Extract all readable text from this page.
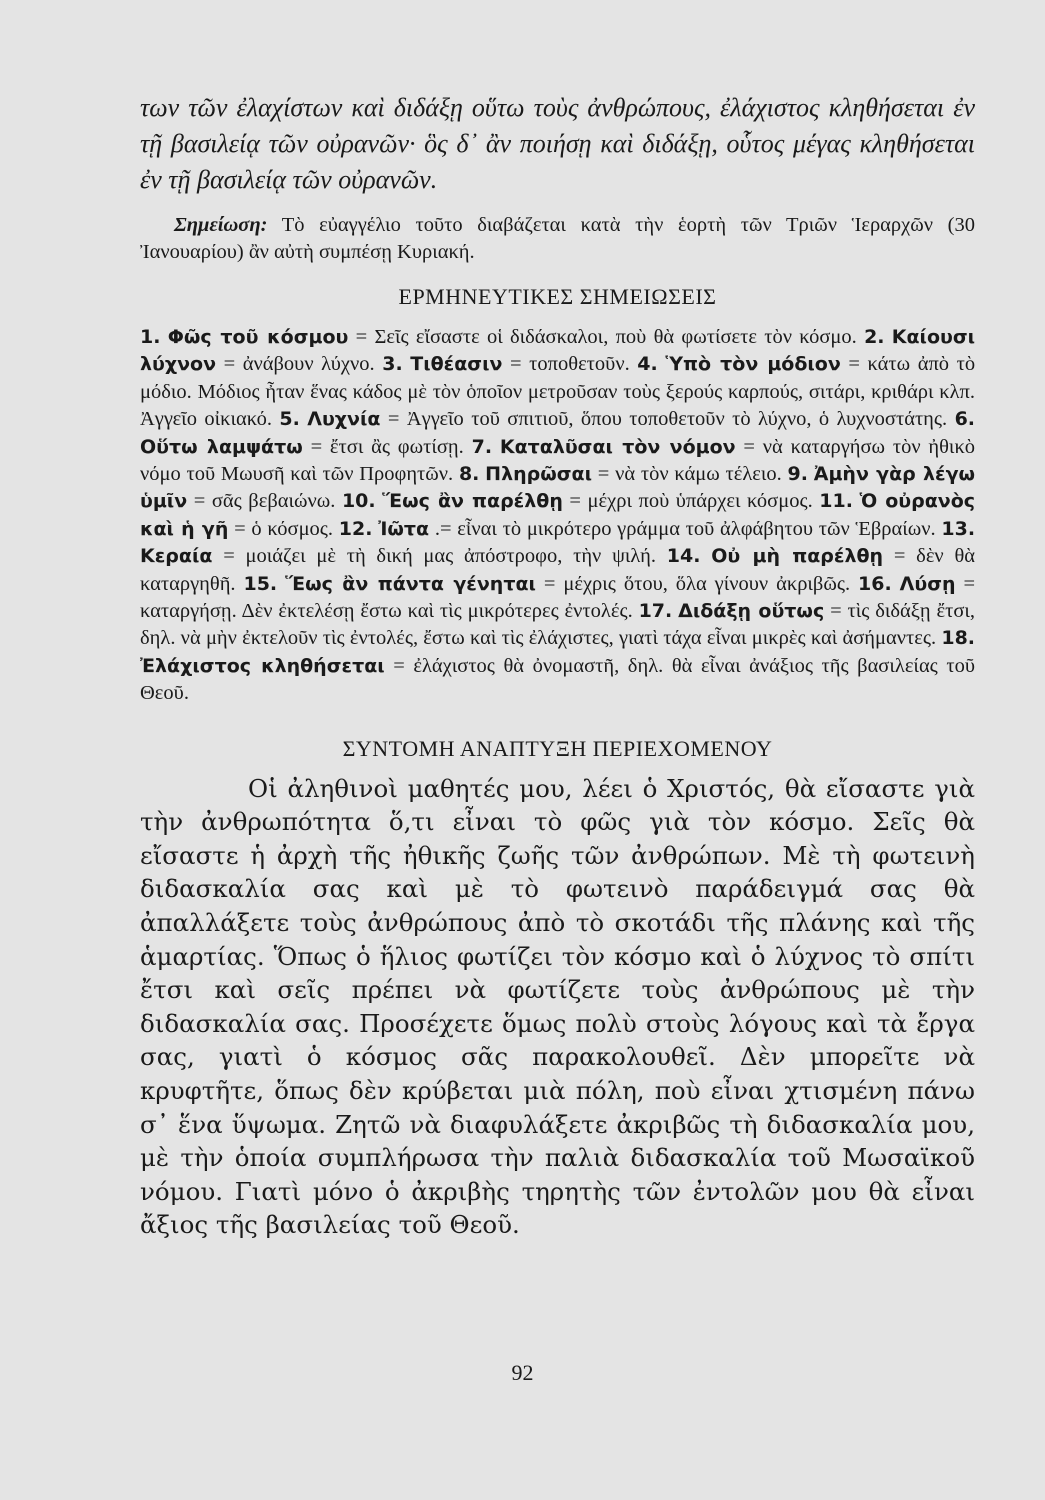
των τῶν ἐλαχίστων καὶ διδάξῃ οὕτω τοὺς ἀνθρώπους, ἐλάχιστος κληθήσεται ἐν τῇ βασιλείᾳ τῶν οὐρανῶν· ὃς δ᾽ ἂν ποιήσῃ καὶ διδάξῃ, οὗτος μέγας κληθήσεται ἐν τῇ βασιλείᾳ τῶν οὐρανῶν.

Σημείωση: Τὸ εὐαγγέλιο τοῦτο διαβάζεται κατὰ τὴν ἑορτὴ τῶν Τριῶν Ἱεραρχῶν (30 Ἰανουαρίου) ἂν αὐτὴ συμπέσῃ Κυριακή.

ΕΡΜΗΝΕΥΤΙΚΕΣ ΣΗΜΕΙΩΣΕΙΣ

1. Φῶς τοῦ κόσμου = Σεῖς εἴσαστε οἱ διδάσκαλοι, ποὺ θὰ φωτίσετε τὸν κόσμο. 2. Καίουσι λύχνον = ἀνάβουν λύχνο. 3. Τιθέασιν = τοποθετοῦν. 4. Ὑπὸ τὸν μόδιον = κάτω ἀπὸ τὸ μόδιο. Μόδιος ἦταν ἕνας κάδος μὲ τὸν ὁποῖον μετροῦσαν τοὺς ξερούς καρπούς, σιτάρι, κριθάρι κλπ. Ἀγγεῖο οἰκιακό. 5. Λυχνία = Ἀγγεῖο τοῦ σπιτιοῦ, ὅπου τοποθετοῦν τὸ λύχνο, ὁ λυχνοστάτης. 6. Οὕτω λαμψάτω = ἔτσι ἂς φωτίσῃ. 7. Καταλῦσαι τὸν νόμον = νὰ καταργήσω τὸν ἠθικὸ νόμο τοῦ Μωυσῆ καὶ τῶν Προφητῶν. 8. Πληρῶσαι = νὰ τὸν κάμω τέλειο. 9. Ἀμὴν γὰρ λέγω ὑμῖν = σᾶς βεβαιώνω. 10. Ἕως ἂν παρέλθῃ = μέχρι ποὺ ὑπάρχει κόσμος. 11. Ὁ οὐρανὸς καὶ ἡ γῆ = ὁ κόσμος. 12. Ἰῶτα .= εἶναι τὸ μικρότερο γράμμα τοῦ ἀλφάβητου τῶν Ἑβραίων. 13. Κεραία = μοιάζει μὲ τὴ δική μας ἀπόστροφο, τὴν ψιλή. 14. Οὐ μὴ παρέλθῃ = δὲν θὰ καταργηθῆ. 15. Ἕως ἂν πάντα γένηται = μέχρις ὅτου, ὅλα γίνουν ἀκριβῶς. 16. Λύσῃ = καταργήσῃ. Δὲν ἐκτελέσῃ ἔστω καὶ τὶς μικρότερες ἐντολές. 17. Διδάξῃ οὕτως = τὶς διδάξῃ ἔτσι, δηλ. νὰ μὴν ἐκτελοῦν τὶς ἐντολές, ἔστω καὶ τὶς ἐλάχιστες, γιατὶ τάχα εἶναι μικρὲς καὶ ἀσήμαντες. 18. Ἐλάχιστος κληθήσεται = ἐλάχιστος θὰ ὀνομαστῆ, δηλ. θὰ εἶναι ἀνάξιος τῆς βασιλείας τοῦ Θεοῦ.

ΣΥΝΤΟΜΗ ΑΝΑΠΤΥΞΗ ΠΕΡΙΕΧΟΜΕΝΟΥ

Οἱ ἀληθινοὶ μαθητές μου, λέει ὁ Χριστός, θὰ εἴσαστε γιὰ τὴν ἀνθρωπότητα ὅ,τι εἶναι τὸ φῶς γιὰ τὸν κόσμο. Σεῖς θὰ εἴσαστε ἡ ἀρχὴ τῆς ἠθικῆς ζωῆς τῶν ἀνθρώπων. Μὲ τὴ φωτεινὴ διδασκαλία σας καὶ μὲ τὸ φωτεινὸ παράδειγμά σας θὰ ἀπαλλάξετε τοὺς ἀνθρώπους ἀπὸ τὸ σκοτάδι τῆς πλάνης καὶ τῆς ἁμαρτίας. Ὅπως ὁ ἥλιος φωτίζει τὸν κόσμο καὶ ὁ λύχνος τὸ σπίτι ἔτσι καὶ σεῖς πρέπει νὰ φωτίζετε τοὺς ἀνθρώπους μὲ τὴν διδασκαλία σας. Προσέχετε ὅμως πολὺ στοὺς λόγους καὶ τὰ ἔργα σας, γιατὶ ὁ κόσμος σᾶς παρακολουθεῖ. Δὲν μπορεῖτε νὰ κρυφτῆτε, ὅπως δὲν κρύβεται μιὰ πόλη, ποὺ εἶναι χτισμένη πάνω σ᾽ ἕνα ὕψωμα. Ζητῶ νὰ διαφυλάξετε ἀκριβῶς τὴ διδασκαλία μου, μὲ τὴν ὁποία συμπλήρωσα τὴν παλιὰ διδασκαλία τοῦ Μωσαϊκοῦ νόμου. Γιατὶ μόνο ὁ ἀκριβὴς τηρητὴς τῶν ἐντολῶν μου θὰ εἶναι ἄξιος τῆς βασιλείας τοῦ Θεοῦ.

92
